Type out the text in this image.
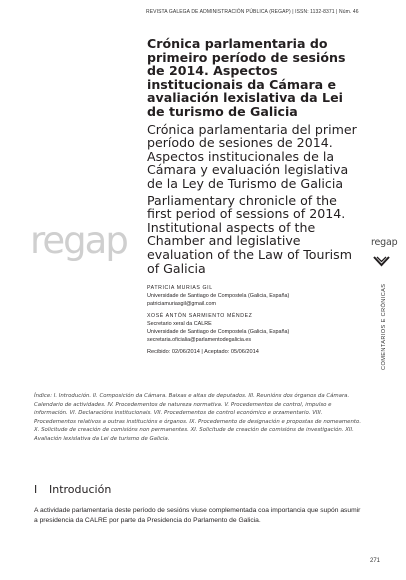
REVISTA GALEGA DE ADMINISTRACIÓN PÚBLICA (REGAP) | ISSN: 1132-8371 | Núm. 46
Crónica parlamentaria do primeiro período de sesións de 2014. Aspectos institucionais da Cámara e avaliación lexislativa da Lei de turismo de Galicia
Crónica parlamentaria del primer período de sesiones de 2014. Aspectos institucionales de la Cámara y evaluación legislativa de la Ley de Turismo de Galicia
Parliamentary chronicle of the first period of sessions of 2014. Institutional aspects of the Chamber and legislative evaluation of the Law of Tourism of Galicia
regap
PATRICIA MURIAS GIL
Universidade de Santiago de Compostela (Galicia, España)
patriciamuriasgil@gmail.com
XOSÉ ANTÓN SARMIENTO MÉNDEZ
Secretario xeral da CALRE
Universidade de Santiago de Compostela (Galicia, España)
secretaria.oficialia@parlamentodegalicia.es
Recibido: 02/06/2014 | Aceptado: 05/06/2014
regap
COMENTARIOS E CRÓNICAS
Índice: I. Introdución. II. Composición da Cámara. Baixas e altas de deputados. III. Reunións dos órganos da Cámara. Calendario de actividades. IV. Procedementos de natureza normativa. V. Procedementos de control, impulso e información. VI. Declaracións institucionais. VII. Procedementos de control económico e orzamentario. VIII. Procedementos relativos a outras institucións e órganos. IX. Procedemento de designación e propostas de nomeamento. X. Solicitude de creación de comisións non permanentes. XI. Solicitude de creación de comisións de investigación. XII. Avaliación lexislativa da Lei de turismo de Galicia.
I Introdución
A actividade parlamentaria deste período de sesións viuse complementada coa importancia que supón asumir a presidencia da CALRE por parte da Presidencia do Parlamento de Galicia.
271
